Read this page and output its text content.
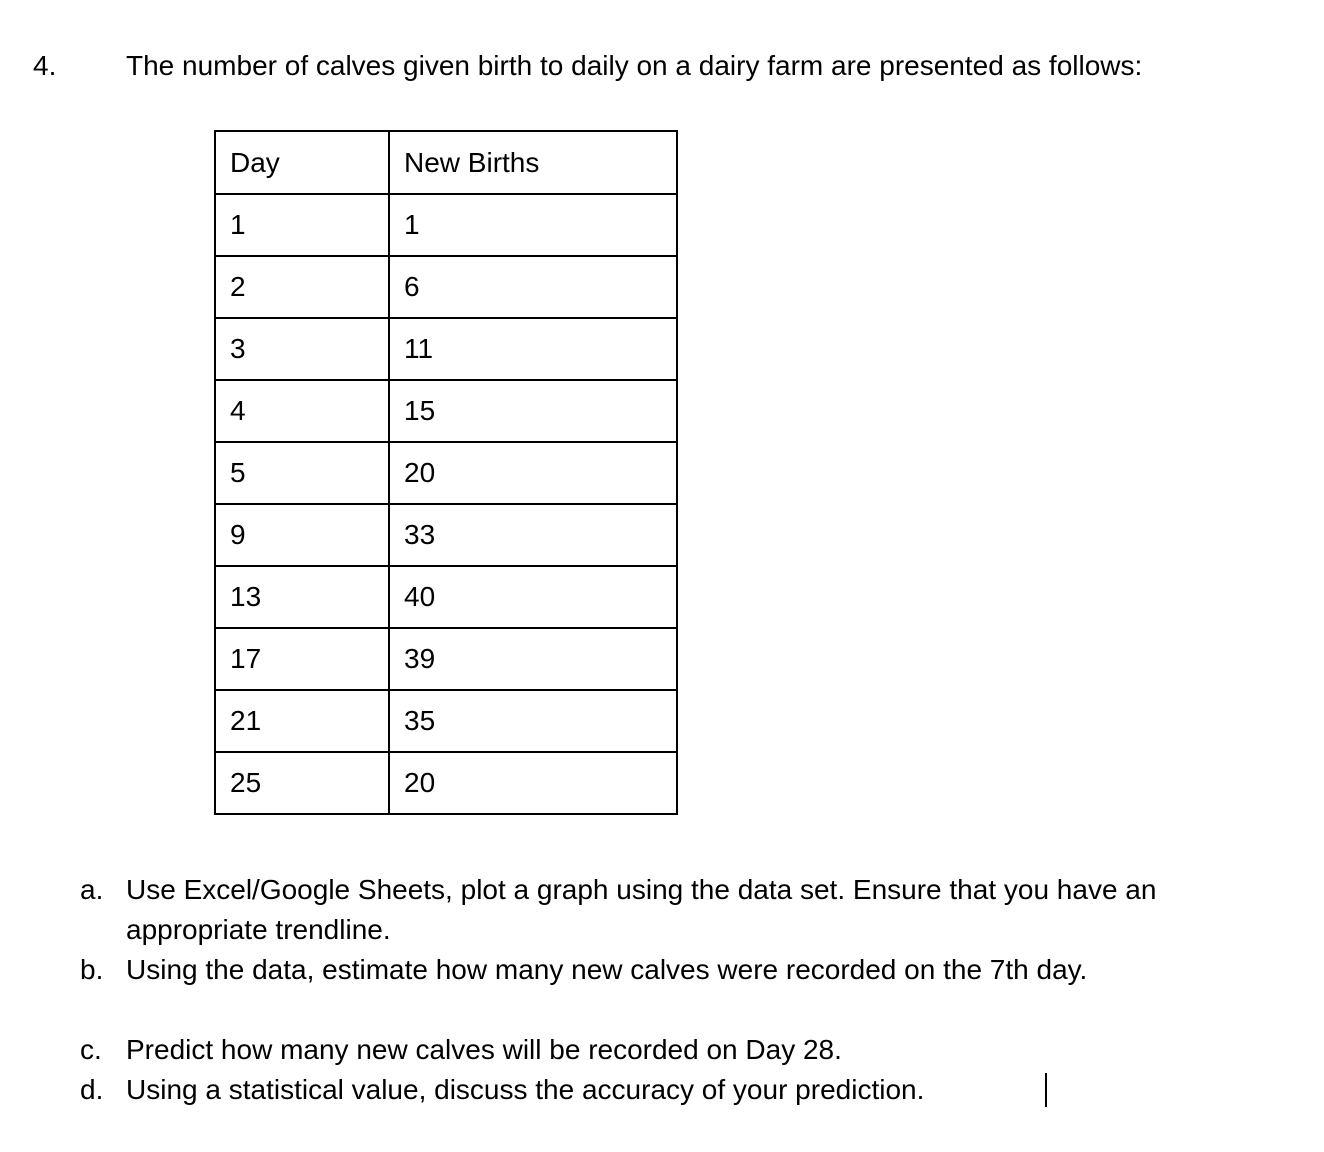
4. The number of calves given birth to daily on a dairy farm are presented as follows:
Day	New Births
1	1
2	6
3	11
4	15
5	20
9	33
13	40
17	39
21	35
25	20
a. Use Excel/Google Sheets, plot a graph using the data set. Ensure that you have an appropriate trendline.
b. Using the data, estimate how many new calves were recorded on the 7th day.
c. Predict how many new calves will be recorded on Day 28.
d. Using a statistical value, discuss the accuracy of your prediction.
